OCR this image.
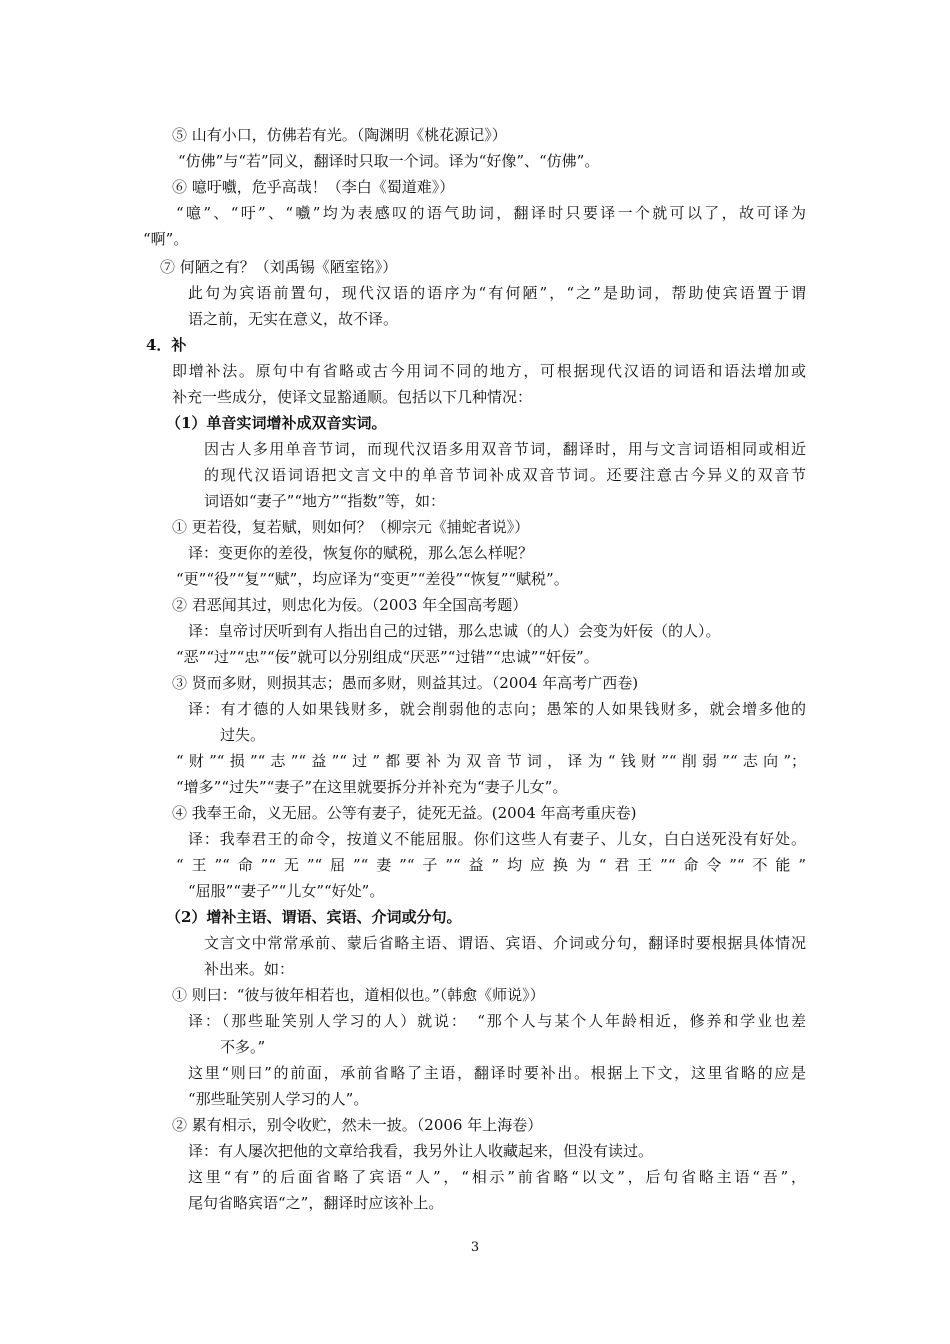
⑤ 山有小口，仿佛若有光。（陶渊明《桃花源记》）
“仿佛”与“若”同义，翻译时只取一个词。译为“好像”、“仿佛”。
⑥ 噫吁嚱，危乎高哉！（李白《蜀道难》）
“噫”、“吁”、“嚱”均为表感叹的语气助词，翻译时只要译一个就可以了，故可译为
“啊”。
⑦ 何陋之有？（刘禹锡《陋室铭》）
此句为宾语前置句，现代汉语的语序为“有何陋”，“之”是助词，帮助使宾语置于谓
语之前，无实在意义，故不译。
4．补
即增补法。原句中有省略或古今用词不同的地方，可根据现代汉语的词语和语法增加或
补充一些成分，使译文显豁通顺。包括以下几种情况：
（1）单音实词增补成双音实词。
因古人多用单音节词，而现代汉语多用双音节词，翻译时，用与文言词语相同或相近
的现代汉语词语把文言文中的单音节词补成双音节词。还要注意古今异义的双音节
词语如“妻子”“地方”“指数”等，如：
① 更若役，复若赋，则如何？（柳宗元《捕蛇者说》）
译：变更你的差役，恢复你的赋税，那么怎么样呢？
“更”“役”“复”“赋”，均应译为“变更”“差役”“恢复”“赋税”。
② 君恶闻其过，则忠化为佞。（2003 年全国高考题）
译：皇帝讨厌听到有人指出自己的过错，那么忠诚（的人）会变为奸佞（的人）。
“恶”“过”“忠”“佞”就可以分别组成“厌恶”“过错”“忠诚”“奸佞”。
③ 贤而多财，则损其志；愚而多财，则益其过。（2004 年高考广西卷)
译：有才德的人如果钱财多，就会削弱他的志向；愚笨的人如果钱财多，就会增多他的
过失。
“财”“损”“志”“益”“过”都要补为双音节词，译为“钱财”“削弱”“志向”；
“增多”“过失”“妻子”在这里就要拆分并补充为“妻子儿女”。
④ 我奉王命，义无屈。公等有妻子，徒死无益。(2004 年高考重庆卷)
译：我奉君王的命令，按道义不能屈服。你们这些人有妻子、儿女，白白送死没有好处。
“王”“命”“无”“屈”“妻”“子”“益”均应换为“君王”“命令”“不能”
“屈服”“妻子”“儿女”“好处”。
（2）增补主语、谓语、宾语、介词或分句。
文言文中常常承前、蒙后省略主语、谓语、宾语、介词或分句，翻译时要根据具体情况
补出来。如：
① 则曰：“彼与彼年相若也，道相似也。”（韩愈《师说》）
译：（那些耻笑别人学习的人）就说：　“那个人与某个人年龄相近，修养和学业也差
不多。”
这里“则曰”的前面，承前省略了主语，翻译时要补出。根据上下文，这里省略的应是
“那些耻笑别人学习的人”。
② 累有相示，别令收贮，然未一披。（2006 年上海卷）
译：有人屡次把他的文章给我看，我另外让人收藏起来，但没有读过。
这里“有”的后面省略了宾语“人”，“相示”前省略“以文”，后句省略主语“吾”，
尾句省略宾语“之”，翻译时应该补上。
3
